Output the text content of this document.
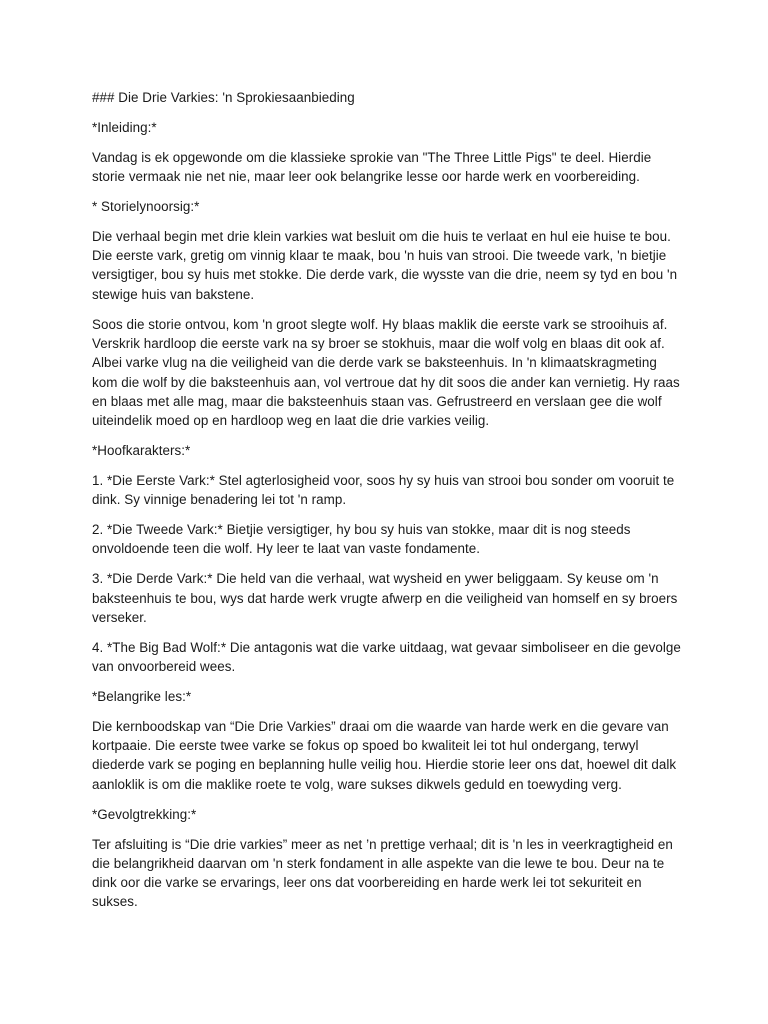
### Die Drie Varkies: 'n Sprokiesaanbieding

*Inleiding:*

Vandag is ek opgewonde om die klassieke sprokie van "The Three Little Pigs" te deel. Hierdie storie vermaak nie net nie, maar leer ook belangrike lesse oor harde werk en voorbereiding.

* Storielynoorsig:*

Die verhaal begin met drie klein varkies wat besluit om die huis te verlaat en hul eie huise te bou. Die eerste vark, gretig om vinnig klaar te maak, bou 'n huis van strooi. Die tweede vark, 'n bietjie versigtiger, bou sy huis met stokke. Die derde vark, die wysste van die drie, neem sy tyd en bou 'n stewige huis van bakstene.

Soos die storie ontvou, kom 'n groot slegte wolf. Hy blaas maklik die eerste vark se strooihuis af. Verskrik hardloop die eerste vark na sy broer se stokhuis, maar die wolf volg en blaas dit ook af. Albei varke vlug na die veiligheid van die derde vark se baksteenhuis. In 'n klimaatskragmeting kom die wolf by die baksteenhuis aan, vol vertroue dat hy dit soos die ander kan vernietig. Hy raas en blaas met alle mag, maar die baksteenhuis staan vas. Gefrustreerd en verslaan gee die wolf uiteindelik moed op en hardloop weg en laat die drie varkies veilig.

*Hoofkarakters:*

1. *Die Eerste Vark:* Stel agterlosigheid voor, soos hy sy huis van strooi bou sonder om vooruit te dink. Sy vinnige benadering lei tot 'n ramp.

2. *Die Tweede Vark:* Bietjie versigtiger, hy bou sy huis van stokke, maar dit is nog steeds onvoldoende teen die wolf. Hy leer te laat van vaste fondamente.

3. *Die Derde Vark:* Die held van die verhaal, wat wysheid en ywer beliggaam. Sy keuse om 'n baksteenhuis te bou, wys dat harde werk vrugte afwerp en die veiligheid van homself en sy broers verseker.

4. *The Big Bad Wolf:* Die antagonis wat die varke uitdaag, wat gevaar simboliseer en die gevolge van onvoorbereid wees.

*Belangrike les:*

Die kernboodskap van “Die Drie Varkies” draai om die waarde van harde werk en die gevare van kortpaaie. Die eerste twee varke se fokus op spoed bo kwaliteit lei tot hul ondergang, terwyl diederde vark se poging en beplanning hulle veilig hou. Hierdie storie leer ons dat, hoewel dit dalk aanloklik is om die maklike roete te volg, ware sukses dikwels geduld en toewyding verg.

*Gevolgtrekking:*

Ter afsluiting is “Die drie varkies” meer as net ’n prettige verhaal; dit is 'n les in veerkragtigheid en die belangrikheid daarvan om 'n sterk fondament in alle aspekte van die lewe te bou. Deur na te dink oor die varke se ervarings, leer ons dat voorbereiding en harde werk lei tot sekuriteit en sukses.
